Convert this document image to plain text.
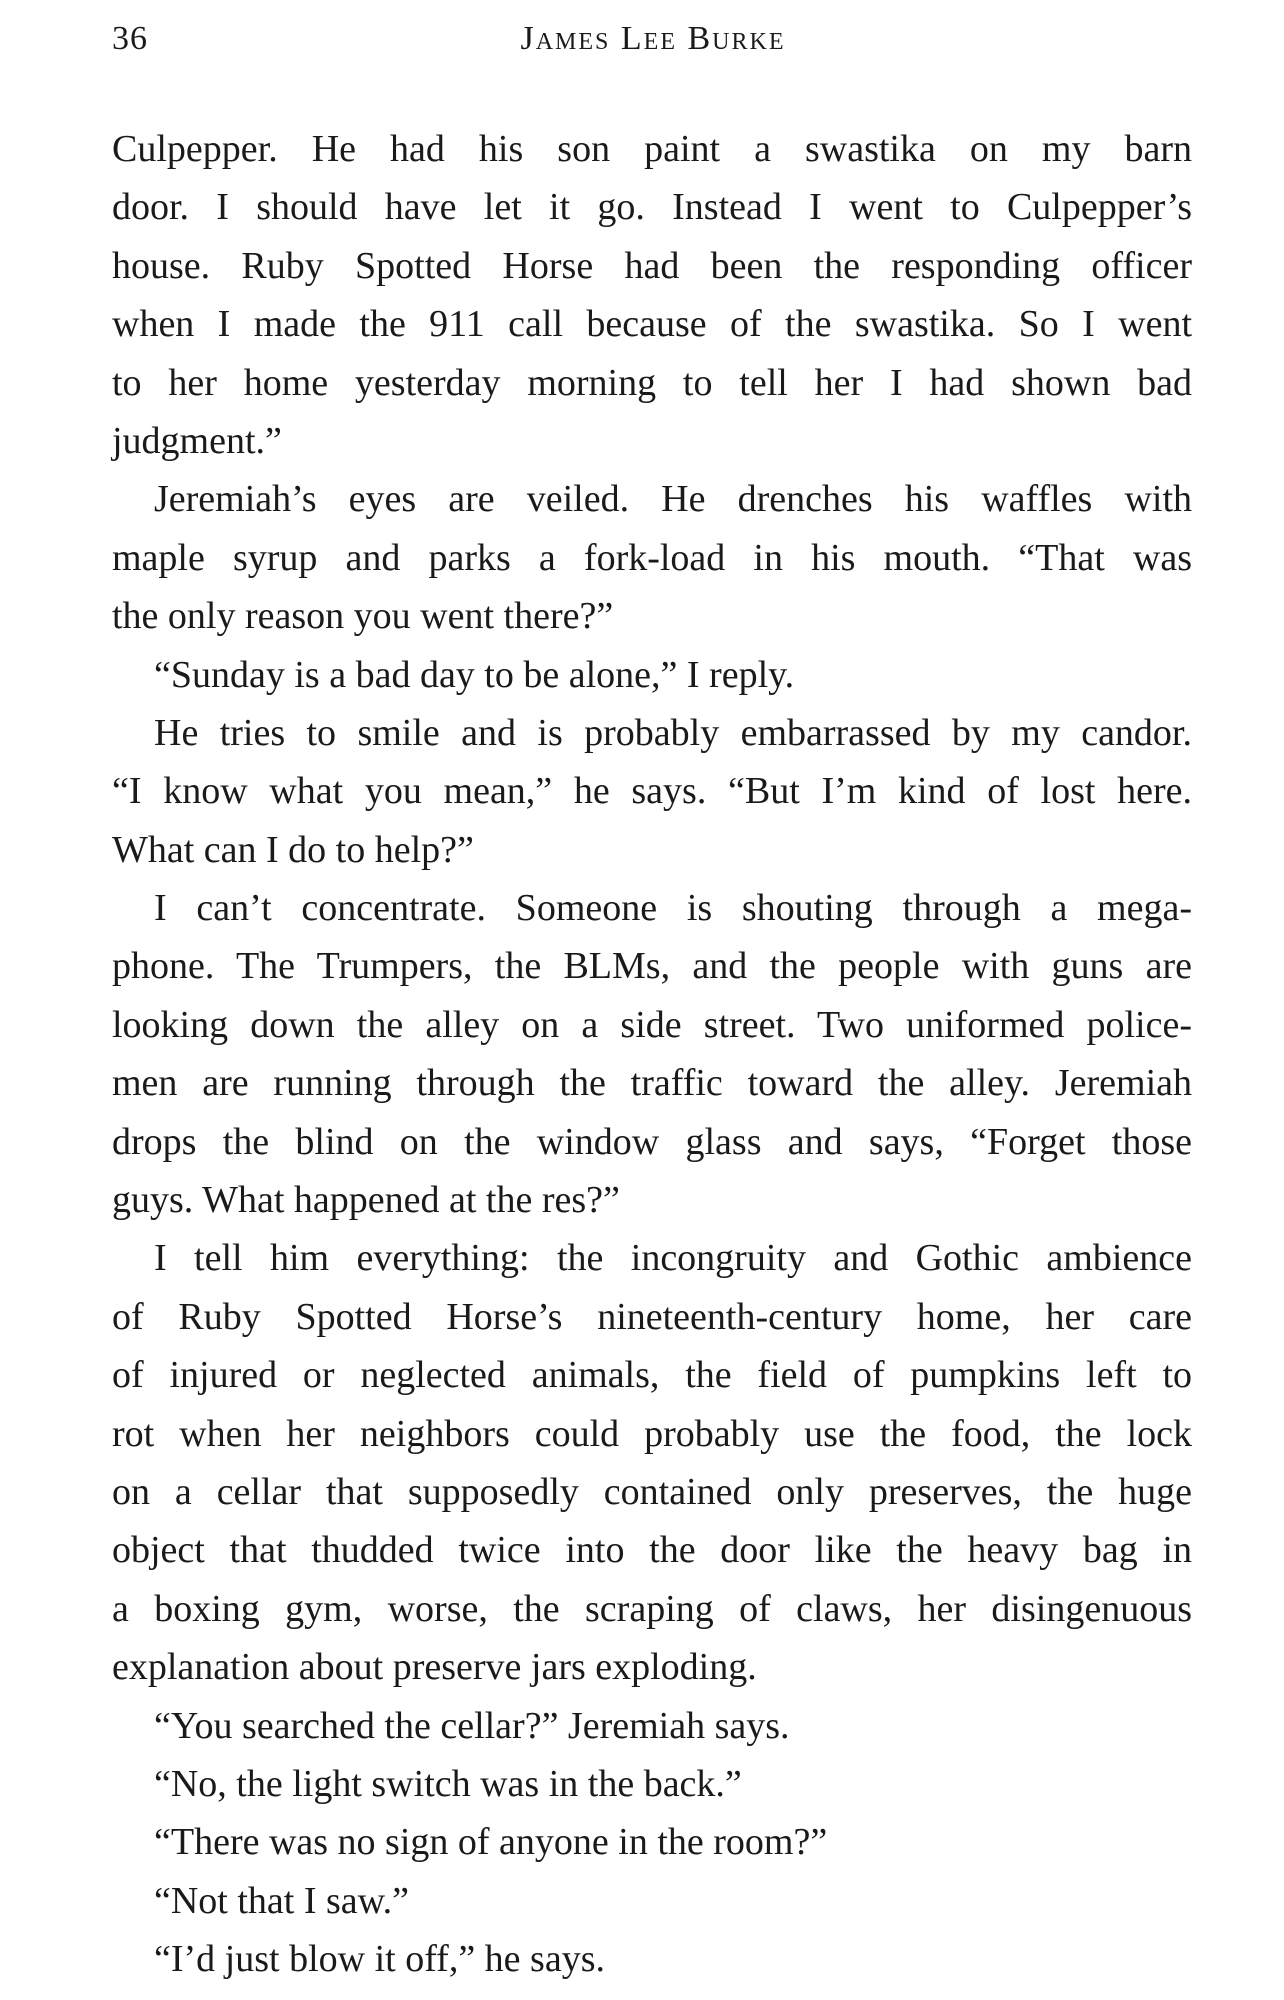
36	James Lee Burke
Culpepper. He had his son paint a swastika on my barn
door. I should have let it go. Instead I went to Culpepper’s
house. Ruby Spotted Horse had been the responding officer
when I made the 911 call because of the swastika. So I went
to her home yesterday morning to tell her I had shown bad
judgment.”
Jeremiah’s eyes are veiled. He drenches his waffles with
maple syrup and parks a fork-load in his mouth. “That was
the only reason you went there?”
“Sunday is a bad day to be alone,” I reply.
He tries to smile and is probably embarrassed by my candor.
“I know what you mean,” he says. “But I’m kind of lost here.
What can I do to help?”
I can’t concentrate. Someone is shouting through a mega-
phone. The Trumpers, the BLMs, and the people with guns are
looking down the alley on a side street. Two uniformed police-
men are running through the traffic toward the alley. Jeremiah
drops the blind on the window glass and says, “Forget those
guys. What happened at the res?”
I tell him everything: the incongruity and Gothic ambience
of Ruby Spotted Horse’s nineteenth-century home, her care
of injured or neglected animals, the field of pumpkins left to
rot when her neighbors could probably use the food, the lock
on a cellar that supposedly contained only preserves, the huge
object that thudded twice into the door like the heavy bag in
a boxing gym, worse, the scraping of claws, her disingenuous
explanation about preserve jars exploding.
“You searched the cellar?” Jeremiah says.
“No, the light switch was in the back.”
“There was no sign of anyone in the room?”
“Not that I saw.”
“I’d just blow it off,” he says.
